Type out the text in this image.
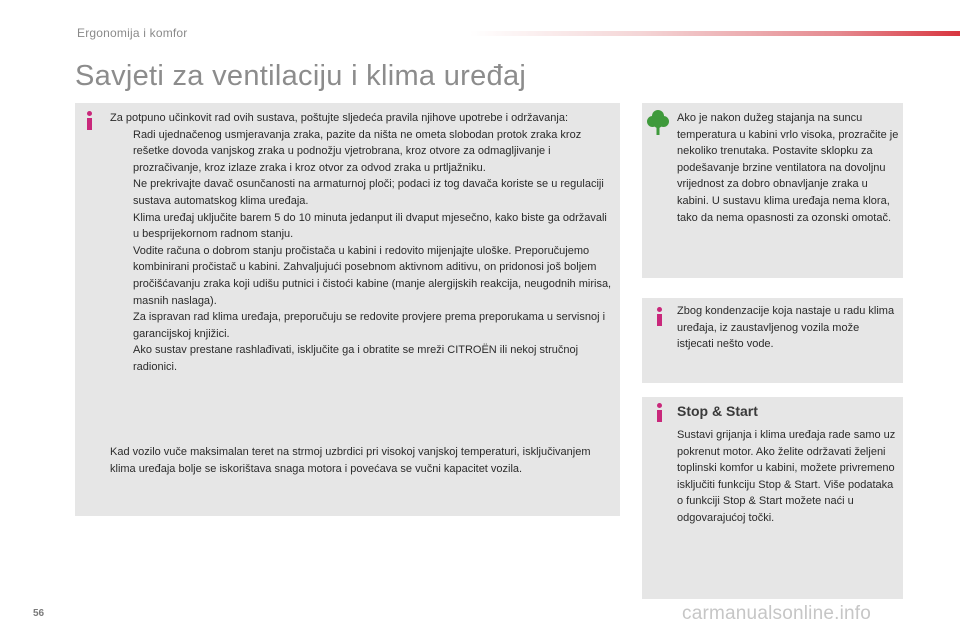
Ergonomija i komfor
Savjeti za ventilaciju i klima uređaj
Za potpuno učinkovit rad ovih sustava, poštujte sljedeća pravila njihove upotrebe i održavanja:
Radi ujednačenog usmjeravanja zraka, pazite da ništa ne ometa slobodan protok zraka kroz rešetke dovoda vanjskog zraka u podnožju vjetrobrana, kroz otvore za odmagljivanje i prozračivanje, kroz izlaze zraka i kroz otvor za odvod zraka u prtljažniku.
Ne prekrivajte davač osunčanosti na armaturnoj ploči; podaci iz tog davača koriste se u regulaciji sustava automatskog klima uređaja.
Klima uređaj uključite barem 5 do 10 minuta jedanput ili dvaput mjesečno, kako biste ga održavali u besprijekornom radnom stanju.
Vodite računa o dobrom stanju pročistača u kabini i redovito mijenjajte uloške. Preporučujemo kombinirani pročistač u kabini. Zahvaljujući posebnom aktivnom aditivu, on pridonosi još boljem pročišćavanju zraka koji udišu putnici i čistoći kabine (manje alergijskih reakcija, neugodnih mirisa, masnih naslaga).
Za ispravan rad klima uređaja, preporučuju se redovite provjere prema preporukama u servisnoj i garancijskoj knjižici.
Ako sustav prestane rashlađivati, isključite ga i obratite se mreži CITROËN ili nekoj stručnoj radionici.
Kad vozilo vuče maksimalan teret na strmoj uzbrdici pri visokoj vanjskoj temperaturi, isključivanjem klima uređaja bolje se iskorištava snaga motora i povećava se vučni kapacitet vozila.
Ako je nakon dužeg stajanja na suncu temperatura u kabini vrlo visoka, prozračite je nekoliko trenutaka. Postavite sklopku za podešavanje brzine ventilatora na dovoljnu vrijednost za dobro obnavljanje zraka u kabini. U sustavu klima uređaja nema klora, tako da nema opasnosti za ozonski omotač.
Zbog kondenzacije koja nastaje u radu klima uređaja, iz zaustavljenog vozila može istjecati nešto vode.
Stop & Start
Sustavi grijanja i klima uređaja rade samo uz pokrenut motor. Ako želite održavati željeni toplinski komfor u kabini, možete privremeno isključiti funkciju Stop & Start. Više podataka o funkciji Stop & Start možete naći u odgovarajućoj točki.
56	carmanualsonline.info
